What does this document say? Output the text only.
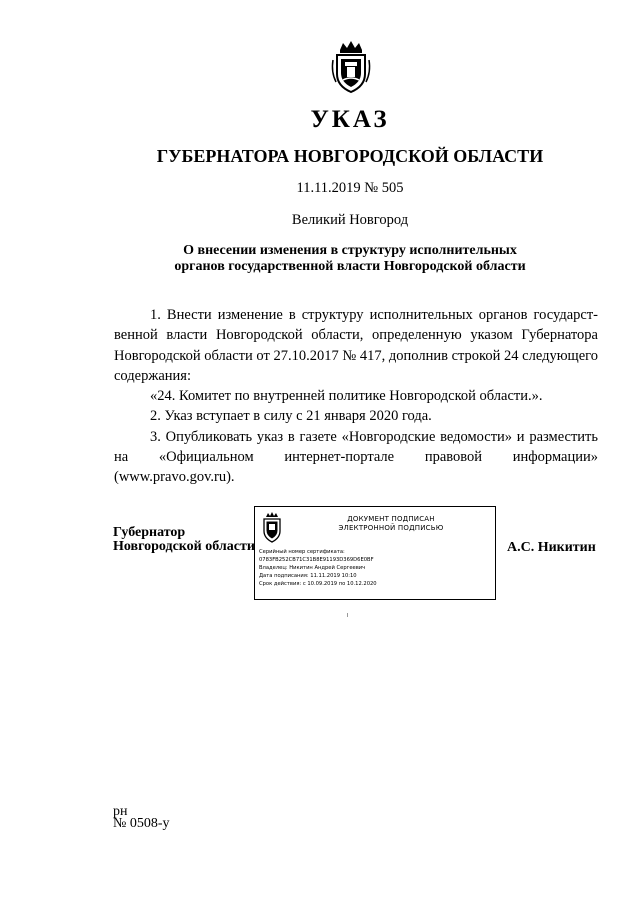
УКАЗ
ГУБЕРНАТОРА НОВГОРОДСКОЙ ОБЛАСТИ
11.11.2019 № 505
Великий Новгород
О внесении изменения в структуру исполнительных
органов государственной власти Новгородской области

1. Внести изменение в структуру исполнительных органов государст-венной власти Новгородской области, определенную указом Губернатора Новгородской области от 27.10.2017 № 417, дополнив строкой 24 следующего содержания:

«24. Комитет по внутренней политике Новгородской области.».

2. Указ вступает в силу с 21 января 2020 года.

3. Опубликовать указ в газете «Новгородские ведомости» и разместить на «Официальном интернет-портале правовой информации» (www.pravo.gov.ru).

Губернатор
Новгородской области
ДОКУМЕНТ ПОДПИСАН
ЭЛЕКТРОННОЙ ПОДПИСЬЮ
Серийный номер сертификата:
0783FB252CB71C31B8E91193D369D6E0BF
Владелец: Никитин Андрей Сергеевич
Дата подписания: 11.11.2019 10:10
Срок действия: с 10.09.2019 по 10.12.2020
А.С. Никитин
рн
№ 0508-у
